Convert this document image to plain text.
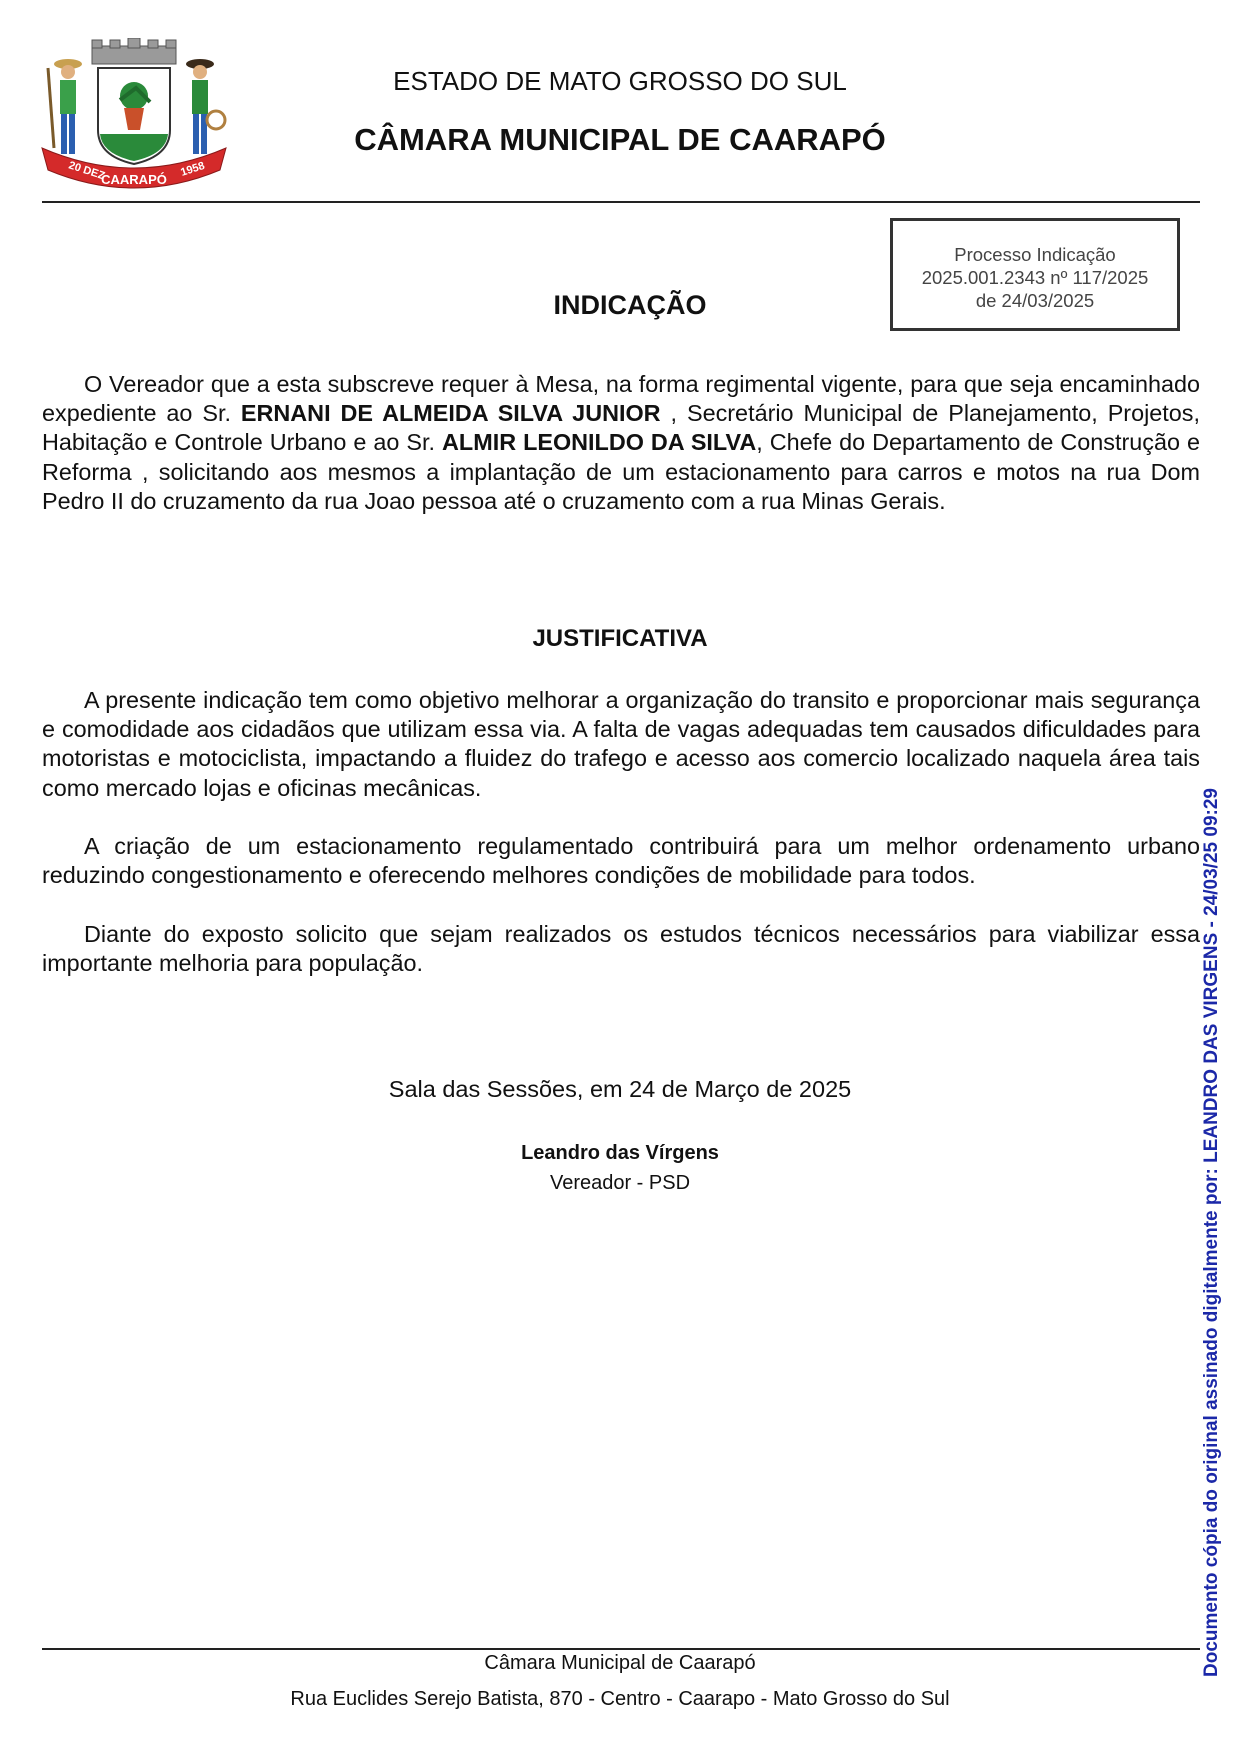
20 DEZ
CAARAPÓ
1958
ESTADO DE MATO GROSSO DO SUL
CÂMARA MUNICIPAL DE CAARAPÓ
Processo Indicação
2025.001.2343 nº 117/2025
de 24/03/2025
INDICAÇÃO

O Vereador que a esta subscreve requer à Mesa, na forma regimental vigente, para que seja encaminhado expediente ao Sr. ERNANI DE ALMEIDA SILVA JUNIOR , Secretário Municipal de Planejamento, Projetos, Habitação e Controle Urbano e ao Sr. ALMIR LEONILDO DA SILVA, Chefe do Departamento de Construção e Reforma , solicitando aos mesmos a implantação de um estacionamento para carros e motos na rua Dom Pedro II do cruzamento da rua Joao pessoa até o cruzamento com a rua Minas Gerais.

JUSTIFICATIVA

A presente indicação tem como objetivo melhorar a organização do transito e proporcionar mais segurança e comodidade aos cidadãos que utilizam essa via. A falta de vagas adequadas tem causados dificuldades para motoristas e motociclista, impactando a fluidez do trafego e acesso aos comercio localizado naquela área tais como mercado lojas e oficinas mecânicas.

A criação de um estacionamento regulamentado contribuirá para um melhor ordenamento urbano reduzindo congestionamento e oferecendo melhores condições de mobilidade para todos.

Diante do exposto solicito que sejam realizados os estudos técnicos necessários para viabilizar essa importante melhoria para população.

Sala das Sessões, em 24 de Março de 2025
Leandro das Vírgens
Vereador - PSD
Câmara Municipal de Caarapó
Rua Euclides Serejo Batista, 870 - Centro - Caarapo - Mato Grosso do Sul
Documento cópia do original assinado digitalmente por: LEANDRO DAS VIRGENS - 24/03/25 09:29
